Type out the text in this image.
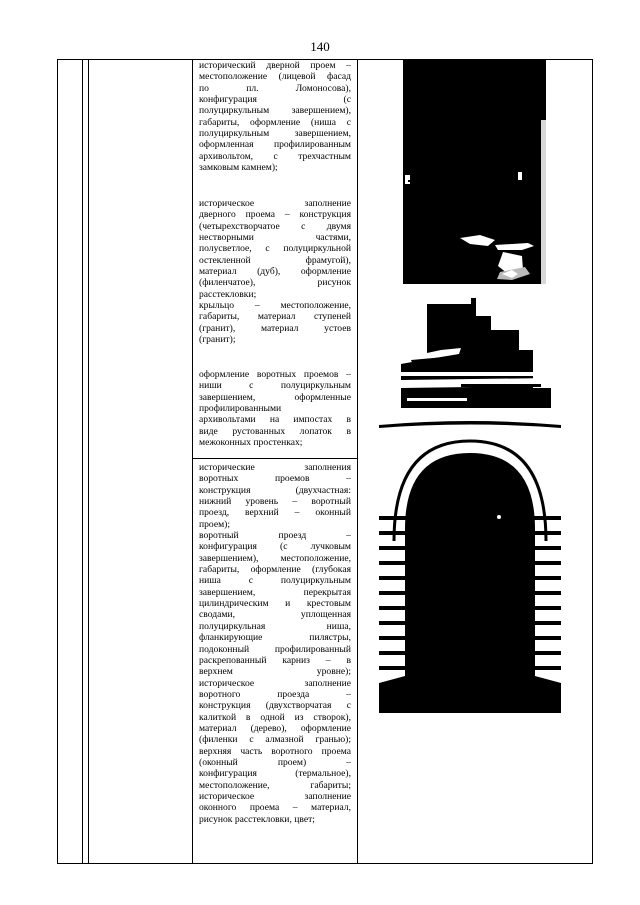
140
исторический дверной проем –
местоположение (лицевой фасад
по пл. Ломоносова),
конфигурация (с
полуциркульным завершением),
габариты, оформление (ниша с
полуциркульным завершением,
оформленная профилированным
архивольтом, с трехчастным
замковым камнем);
историческое заполнение
дверного проема – конструкция
(четырехстворчатое с двумя
нестворными частями,
полусветлое, с полуциркульной
остекленной фрамугой),
материал (дуб), оформление
(филенчатое), рисунок
расстекловки;
крыльцо – местоположение,
габариты, материал ступеней
(гранит), материал устоев
(гранит);
оформление воротных проемов –
ниши с полуциркульным
завершением, оформленные
профилированными
архивольтами на импостах в
виде рустованных лопаток в
межоконных простенках;
исторические заполнения
воротных проемов –
конструкция (двухчастная:
нижний уровень – воротный
проезд, верхний – оконный
проем);
воротный проезд –
конфигурация (с лучковым
завершением), местоположение,
габариты, оформление (глубокая
ниша с полуциркульным
завершением, перекрытая
цилиндрическим и крестовым
сводами, уплощенная
полуциркульная ниша,
фланкирующие пилястры,
подоконный профилированный
раскрепованный карниз – в
верхнем уровне);
историческое заполнение
воротного проезда –
конструкция (двухстворчатая с
калиткой в одной из створок),
материал (дерево), оформление
(филенки с алмазной гранью);
верхняя часть воротного проема
(оконный проем) –
конфигурация (термальное),
местоположение, габариты;
историческое заполнение
оконного проема – материал,
рисунок расстекловки, цвет;
